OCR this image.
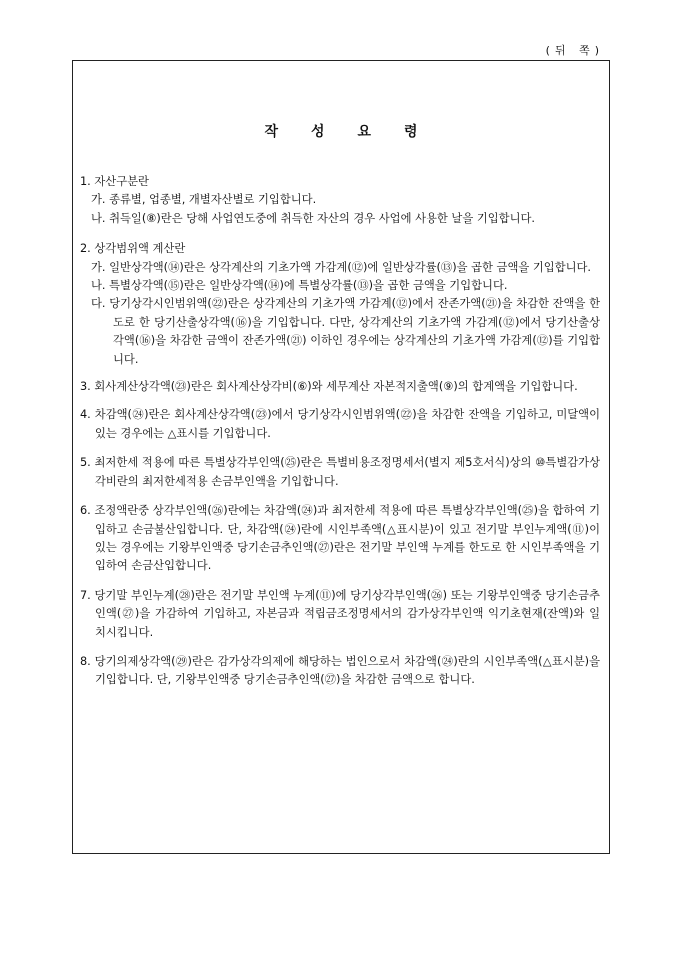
(뒤 쪽)
작성요령
1. 자산구분란
가. 종류별, 업종별, 개별자산별로 기입합니다.
나. 취득일(⑧)란은 당해 사업연도중에 취득한 자산의 경우 사업에 사용한 날을 기입합니다.
2. 상각범위액 계산란
가. 일반상각액(⑭)란은 상각계산의 기초가액 가감계(⑫)에 일반상각률(⑬)을 곱한 금액을 기입합니다.
나. 특별상각액(⑮)란은 일반상각액(⑭)에 특별상각률(⑬)을 곱한 금액을 기입합니다.
다. 당기상각시인범위액(㉒)란은 상각계산의 기초가액 가감계(⑫)에서 잔존가액(㉑)을 차감한 잔액을 한도로 한 당기산출상각액(⑯)을 기입합니다. 다만, 상각계산의 기초가액 가감계(⑫)에서 당기산출상각액(⑯)을 차감한 금액이 잔존가액(㉑) 이하인 경우에는 상각계산의 기초가액 가감계(⑫)를 기입합니다.
3. 회사계산상각액(㉓)란은 회사계산상각비(⑥)와 세무계산 자본적지출액(⑨)의 합계액을 기입합니다.
4. 차감액(㉔)란은 회사계산상각액(㉓)에서 당기상각시인범위액(㉒)을 차감한 잔액을 기입하고, 미달액이 있는 경우에는 △표시를 기입합니다.
5. 최저한세 적용에 따른 특별상각부인액(㉕)란은 특별비용조정명세서(별지 제5호서식)상의 ⑩특별감가상각비란의 최저한세적용 손금부인액을 기입합니다.
6. 조정액란중 상각부인액(㉖)란에는 차감액(㉔)과 최저한세 적용에 따른 특별상각부인액(㉕)을 합하여 기입하고 손금불산입합니다. 단, 차감액(㉔)란에 시인부족액(△표시분)이 있고 전기말 부인누계액(⑪)이 있는 경우에는 기왕부인액중 당기손금추인액(㉗)란은 전기말 부인액 누계를 한도로 한 시인부족액을 기입하여 손금산입합니다.
7. 당기말 부인누계(㉘)란은 전기말 부인액 누계(⑪)에 당기상각부인액(㉖) 또는 기왕부인액중 당기손금추인액(㉗)을 가감하여 기입하고, 자본금과 적립금조정명세서의 감가상각부인액 익기초현재(잔액)와 일치시킵니다.
8. 당기의제상각액(㉙)란은 감가상각의제에 해당하는 법인으로서 차감액(㉔)란의 시인부족액(△표시분)을 기입합니다. 단, 기왕부인액중 당기손금추인액(㉗)을 차감한 금액으로 합니다.
